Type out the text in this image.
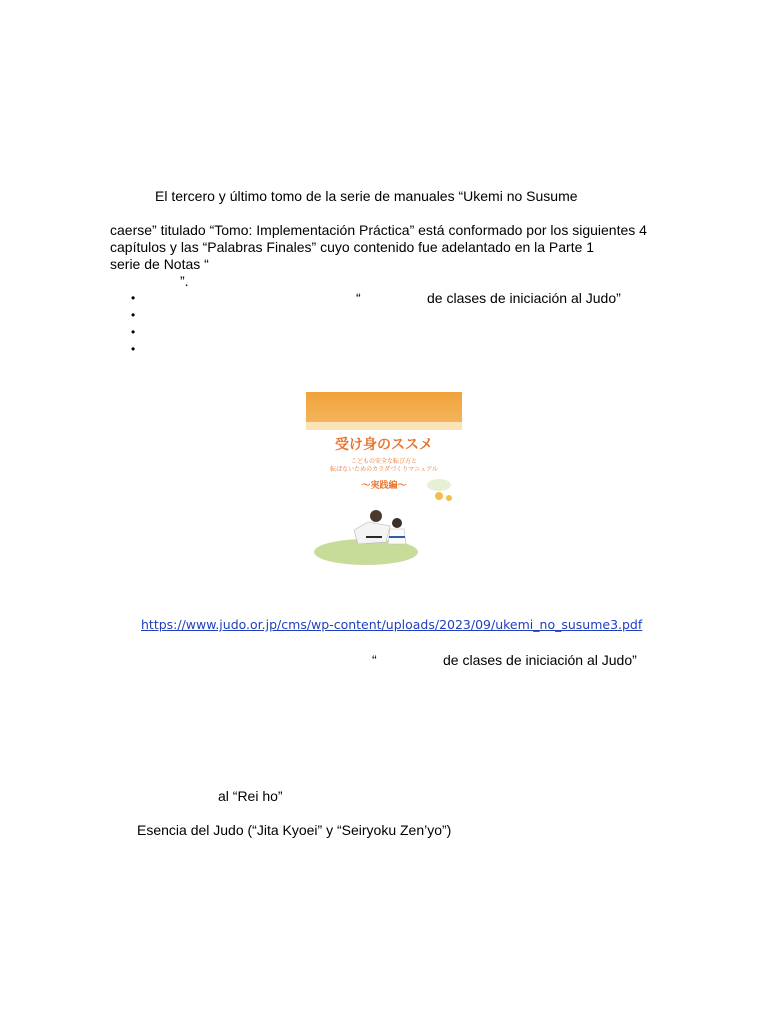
El tercero y último tomo de la serie de manuales “Ukemi no Susume
caerse” titulado “Tomo: Implementación Práctica” está conformado por los siguientes 4
capítulos y las “Palabras Finales” cuyo contenido fue adelantado en la Parte 1
serie de Notas “
”.
•	“	de clases de iniciación al Judo”
•
•
•
受け身のススメ
こどもの安全な転び方と
転ばないためのカラダづくりマニュアル
～実践編～
https://www.judo.or.jp/cms/wp-content/uploads/2023/09/ukemi_no_susume3.pdf
“	de clases de iniciación al Judo”
al “Rei ho”
Esencia del Judo (“Jita Kyoei” y “Seiryoku Zen’yo”)
